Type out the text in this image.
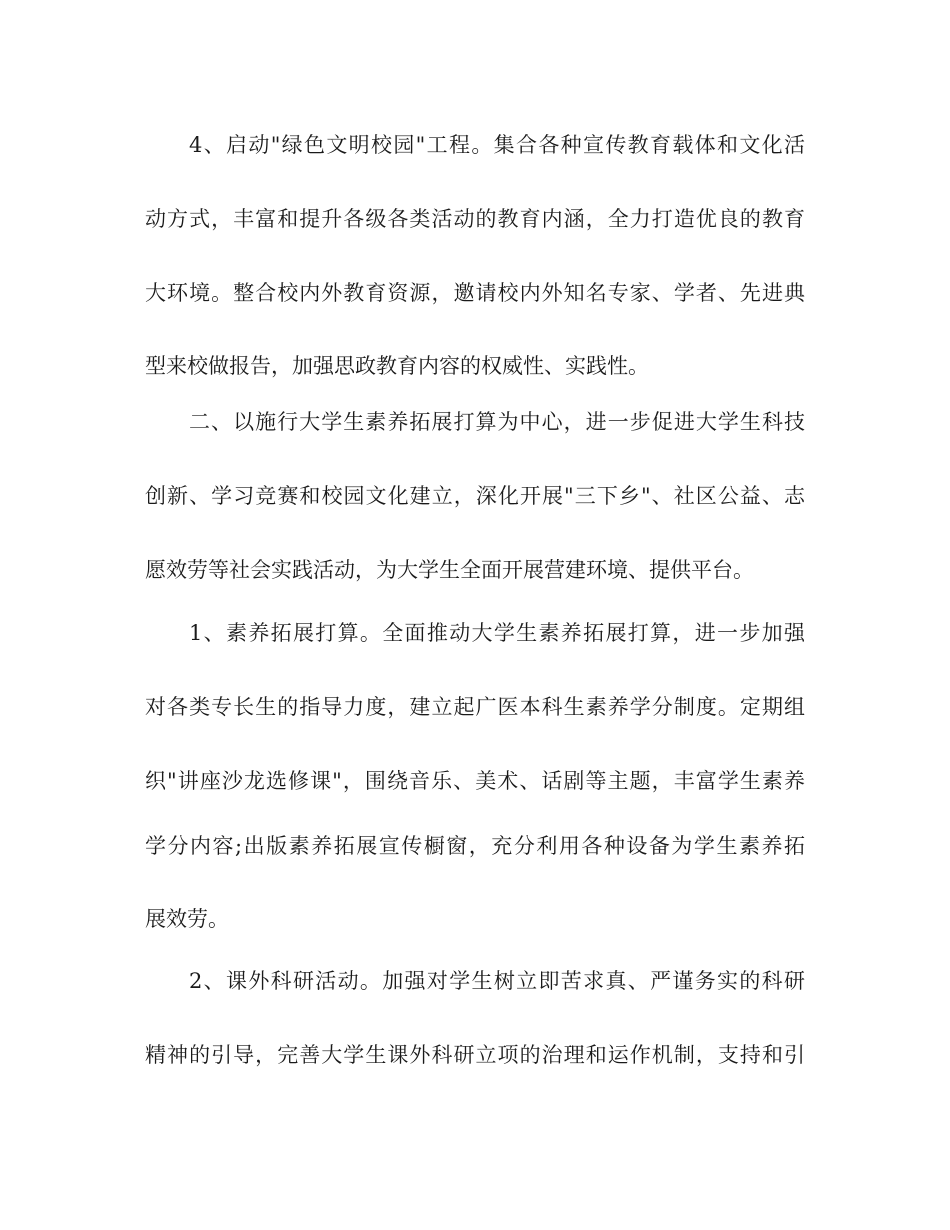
4、启动"绿色文明校园"工程。集合各种宣传教育载体和文化活
动方式，丰富和提升各级各类活动的教育内涵，全力打造优良的教育
大环境。整合校内外教育资源，邀请校内外知名专家、学者、先进典
型来校做报告，加强思政教育内容的权威性、实践性。
二、以施行大学生素养拓展打算为中心，进一步促进大学生科技
创新、学习竞赛和校园文化建立，深化开展"三下乡"、社区公益、志
愿效劳等社会实践活动，为大学生全面开展营建环境、提供平台。
1、素养拓展打算。全面推动大学生素养拓展打算，进一步加强
对各类专长生的指导力度，建立起广医本科生素养学分制度。定期组
织"讲座沙龙选修课"，围绕音乐、美术、话剧等主题，丰富学生素养
学分内容;出版素养拓展宣传橱窗，充分利用各种设备为学生素养拓
展效劳。
2、课外科研活动。加强对学生树立即苦求真、严谨务实的科研
精神的引导，完善大学生课外科研立项的治理和运作机制，支持和引
